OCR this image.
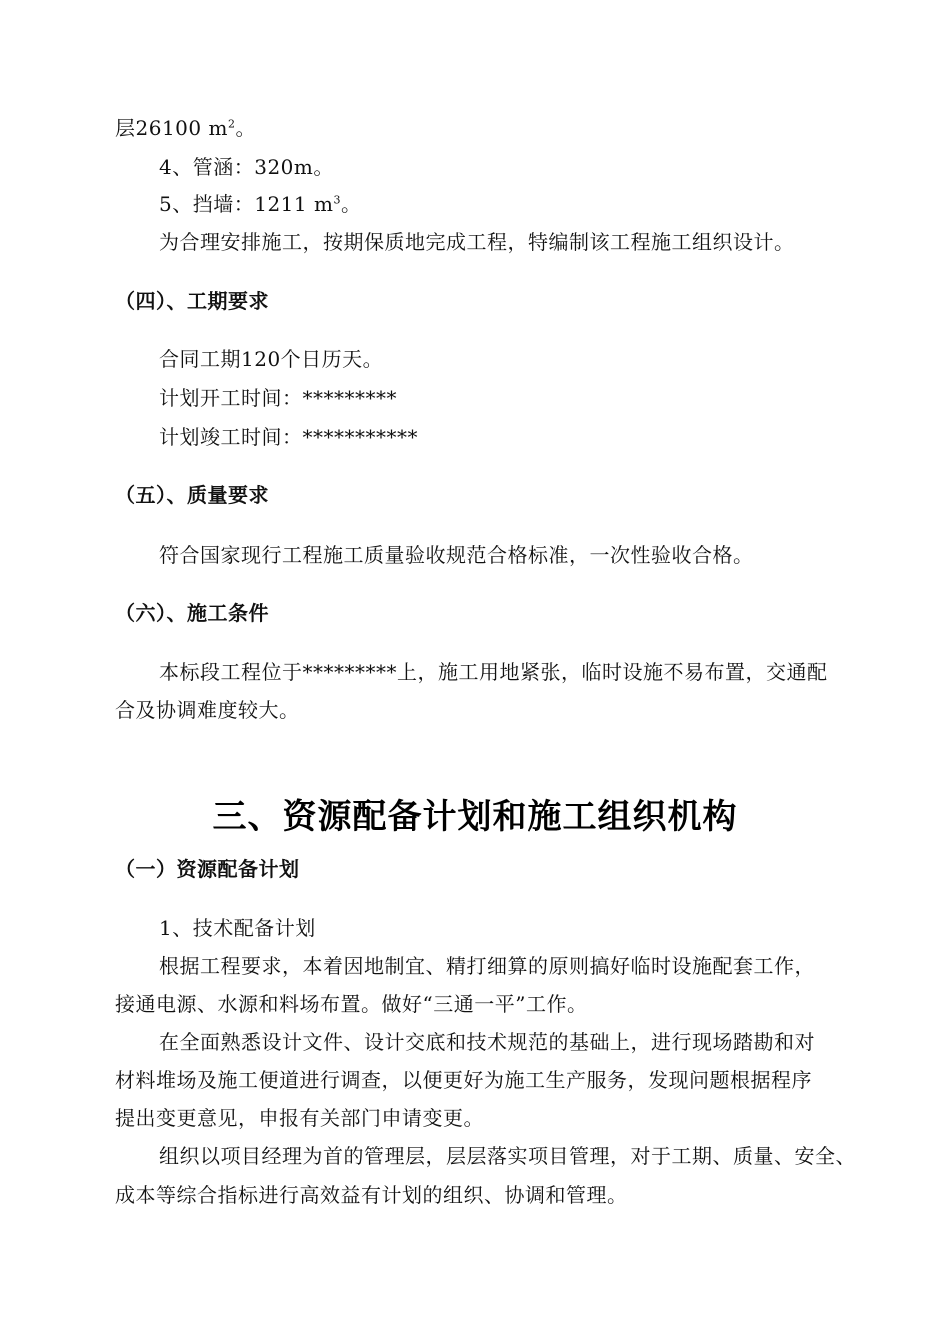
层26100 $m^2$。
4、管涵：320m。
5、挡墙：1211 $m^3$。
为合理安排施工，按期保质地完成工程，特编制该工程施工组织设计。
（四）、工期要求
合同工期120个日历天。
计划开工时间：*********
计划竣工时间：***********
（五）、质量要求
符合国家现行工程施工质量验收规范合格标准，一次性验收合格。
（六）、施工条件
本标段工程位于*********上，施工用地紧张，临时设施不易布置，交通配
合及协调难度较大。
三、资源配备计划和施工组织机构
（一）资源配备计划
1、技术配备计划
根据工程要求，本着因地制宜、精打细算的原则搞好临时设施配套工作，
接通电源、水源和料场布置。做好“三通一平”工作。
在全面熟悉设计文件、设计交底和技术规范的基础上，进行现场踏勘和对
材料堆场及施工便道进行调查，以便更好为施工生产服务，发现问题根据程序
提出变更意见，申报有关部门申请变更。
组织以项目经理为首的管理层，层层落实项目管理，对于工期、质量、安全、
成本等综合指标进行高效益有计划的组织、协调和管理。
